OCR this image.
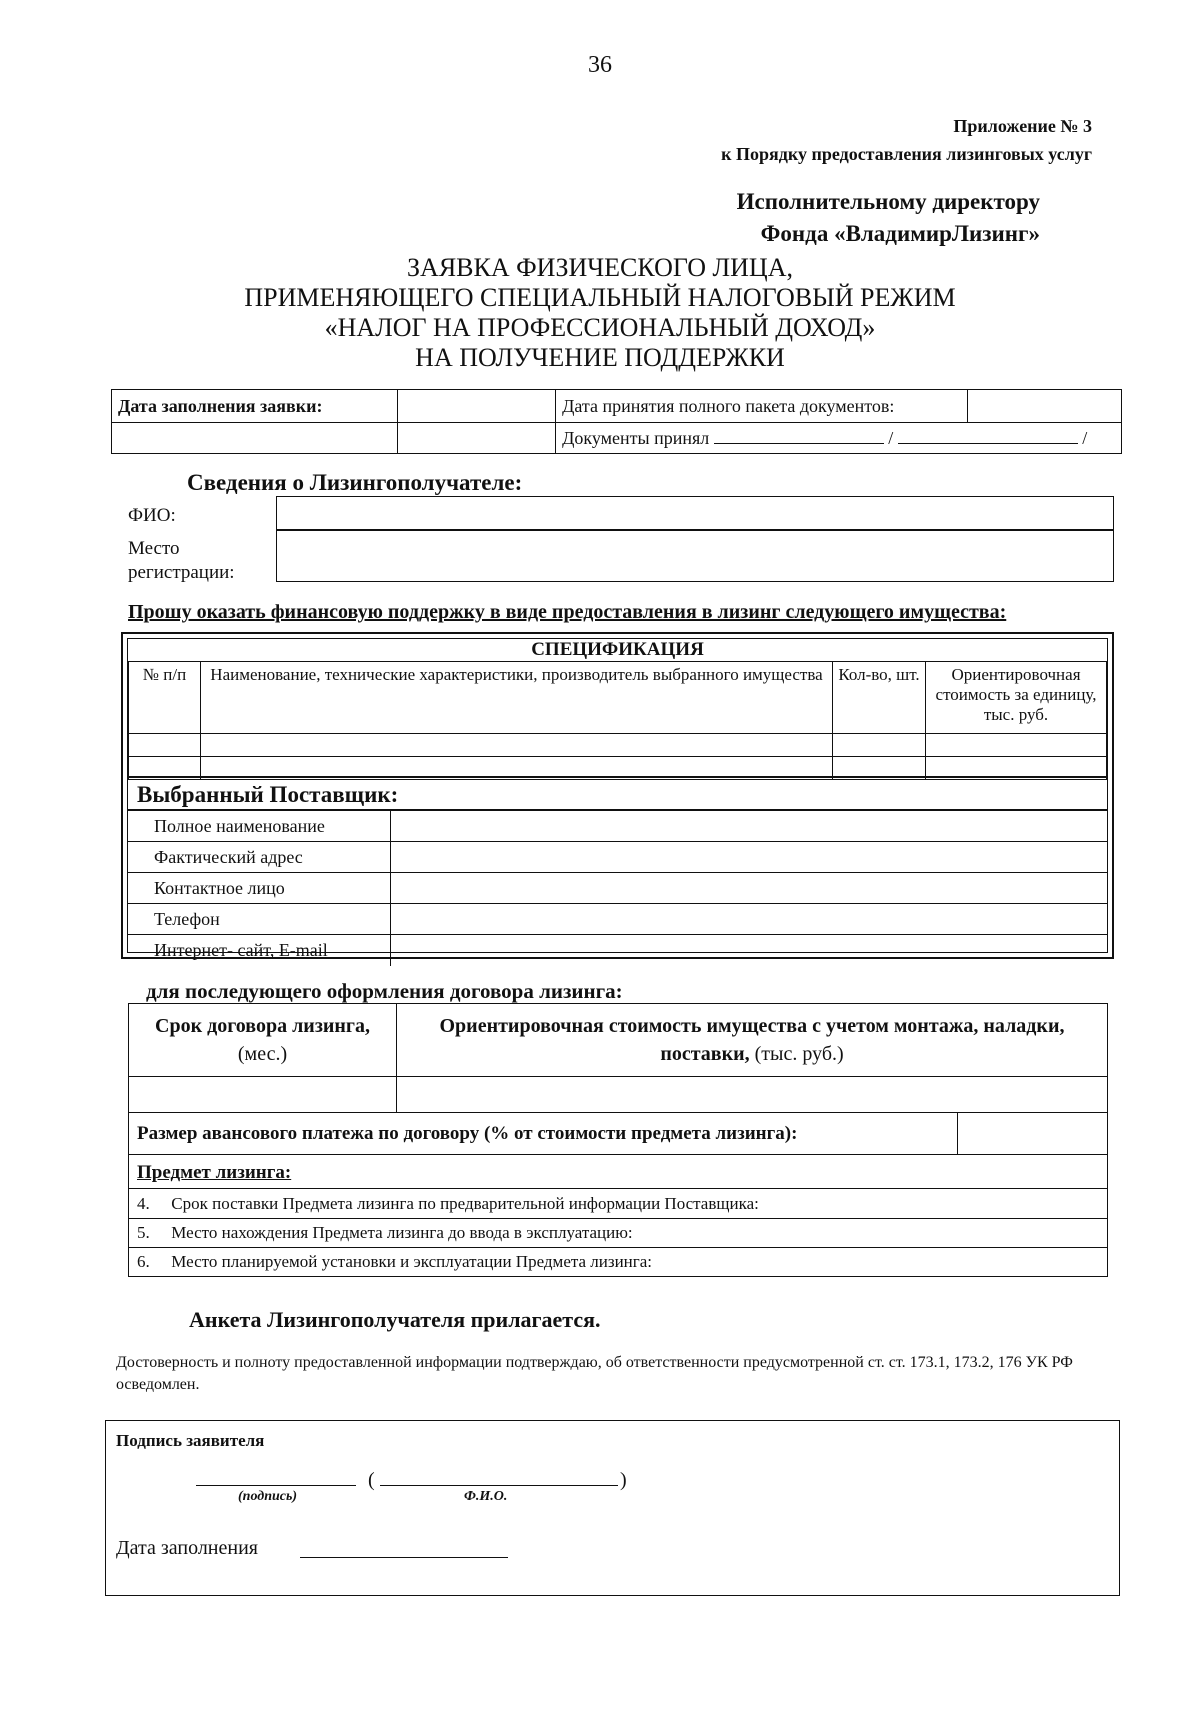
36
Приложение № 3
к Порядку предоставления лизинговых услуг
Исполнительному директору
Фонда «ВладимирЛизинг»
ЗАЯВКА ФИЗИЧЕСКОГО ЛИЦА,
ПРИМЕНЯЮЩЕГО СПЕЦИАЛЬНЫЙ НАЛОГОВЫЙ РЕЖИМ
«НАЛОГ НА ПРОФЕССИОНАЛЬНЫЙ ДОХОД»
НА ПОЛУЧЕНИЕ ПОДДЕРЖКИ
Дата заполнения заявки:		Дата принятия полного пакета документов:	
		Документы принял / /	
Сведения о Лизингополучателе:
ФИО:
Место
регистрации:
Прошу оказать финансовую поддержку в виде предоставления в лизинг следующего имущества:
СПЕЦИФИКАЦИЯ			
№ п/п	Наименование, технические характеристики, производитель выбранного имущества	Кол-во, шт.	Ориентировочная стоимость за единицу, тыс. руб.

Выбранный Поставщик:
Полное наименование	
Фактический адрес	
Контактное лицо	
Телефон	
Интернет- сайт, E-mail	
для последующего оформления договора лизинга:
Срок договора лизинга, (мес.)	Ориентировочная стоимость имущества с учетом монтажа, наладки, поставки, (тыс. руб.)	

Размер авансового платежа по договору (% от стоимости предмета лизинга):		
Предмет лизинга:		
4. Срок поставки Предмета лизинга по предварительной информации Поставщика:		
5. Место нахождения Предмета лизинга до ввода в эксплуатацию:		
6. Место планируемой установки и эксплуатации Предмета лизинга:		
Анкета Лизингополучателя прилагается.
Достоверность и полноту предоставленной информации подтверждаю, об ответственности предусмотренной ст. ст. 173.1, 173.2, 176 УК РФ осведомлен.
Подпись заявителя
(	)
(подпись)	Ф.И.О.
Дата заполнения
